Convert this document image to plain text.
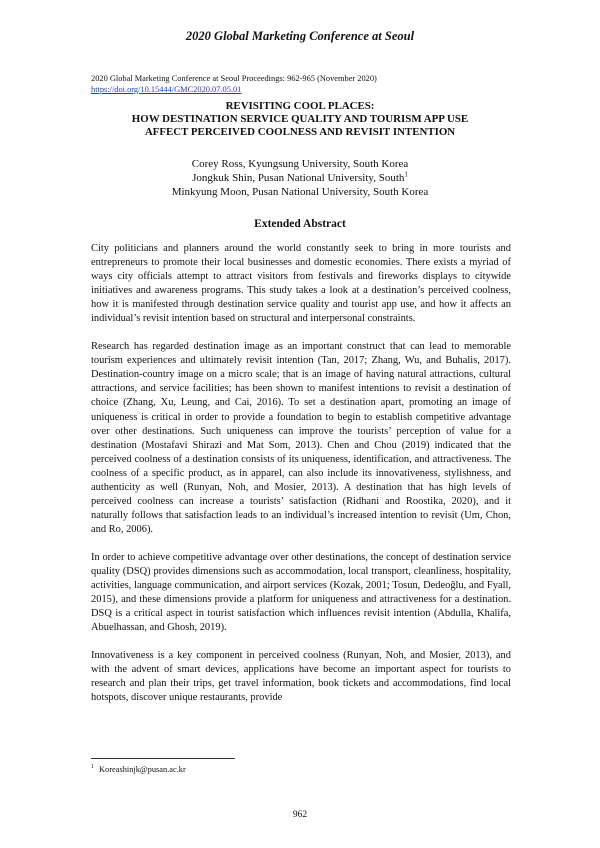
2020 Global Marketing Conference at Seoul
2020 Global Marketing Conference at Seoul Proceedings: 962-965 (November 2020)
https://doi.org/10.15444/GMC2020.07.05.01
REVISITING COOL PLACES:
HOW DESTINATION SERVICE QUALITY AND TOURISM APP USE
AFFECT PERCEIVED COOLNESS AND REVISIT INTENTION
Corey Ross, Kyungsung University, South Korea
Jongkuk Shin, Pusan National University, South$^1$
Minkyung Moon, Pusan National University, South Korea
Extended Abstract

City politicians and planners around the world constantly seek to bring in more tourists and entrepreneurs to promote their local businesses and domestic economies. There exists a myriad of ways city officials attempt to attract visitors from festivals and fireworks displays to citywide initiatives and awareness programs. This study takes a look at a destination’s perceived coolness, how it is manifested through destination service quality and tourist app use, and how it affects an individual’s revisit intention based on structural and interpersonal constraints.

Research has regarded destination image as an important construct that can lead to memorable tourism experiences and ultimately revisit intention (Tan, 2017; Zhang, Wu, and Buhalis, 2017). Destination-country image on a micro scale; that is an image of having natural attractions, cultural attractions, and service facilities; has been shown to manifest intentions to revisit a destination of choice (Zhang, Xu, Leung, and Cai, 2016). To set a destination apart, promoting an image of uniqueness is critical in order to provide a foundation to begin to establish competitive advantage over other destinations. Such uniqueness can improve the tourists’ perception of value for a destination (Mostafavi Shirazi and Mat Som, 2013). Chen and Chou (2019) indicated that the perceived coolness of a destination consists of its uniqueness, identification, and attractiveness. The coolness of a specific product, as in apparel, can also include its innovativeness, stylishness, and authenticity as well (Runyan, Noh, and Mosier, 2013). A destination that has high levels of perceived coolness can increase a tourists’ satisfaction (Ridhani and Roostika, 2020), and it naturally follows that satisfaction leads to an individual’s increased intention to revisit (Um, Chon, and Ro, 2006).

In order to achieve competitive advantage over other destinations, the concept of destination service quality (DSQ) provides dimensions such as accommodation, local transport, cleanliness, hospitality, activities, language communication, and airport services (Kozak, 2001; Tosun, Dedeoğlu, and Fyall, 2015), and these dimensions provide a platform for uniqueness and attractiveness for a destination. DSQ is a critical aspect in tourist satisfaction which influences revisit intention (Abdulla, Khalifa, Abuelhassan, and Ghosh, 2019).

Innovativeness is a key component in perceived coolness (Runyan, Noh, and Mosier, 2013), and with the advent of smart devices, applications have become an important aspect for tourists to research and plan their trips, get travel information, book tickets and accommodations, find local hotspots, discover unique restaurants, provide

$^1$ Koreashinjk@pusan.ac.kr
962
